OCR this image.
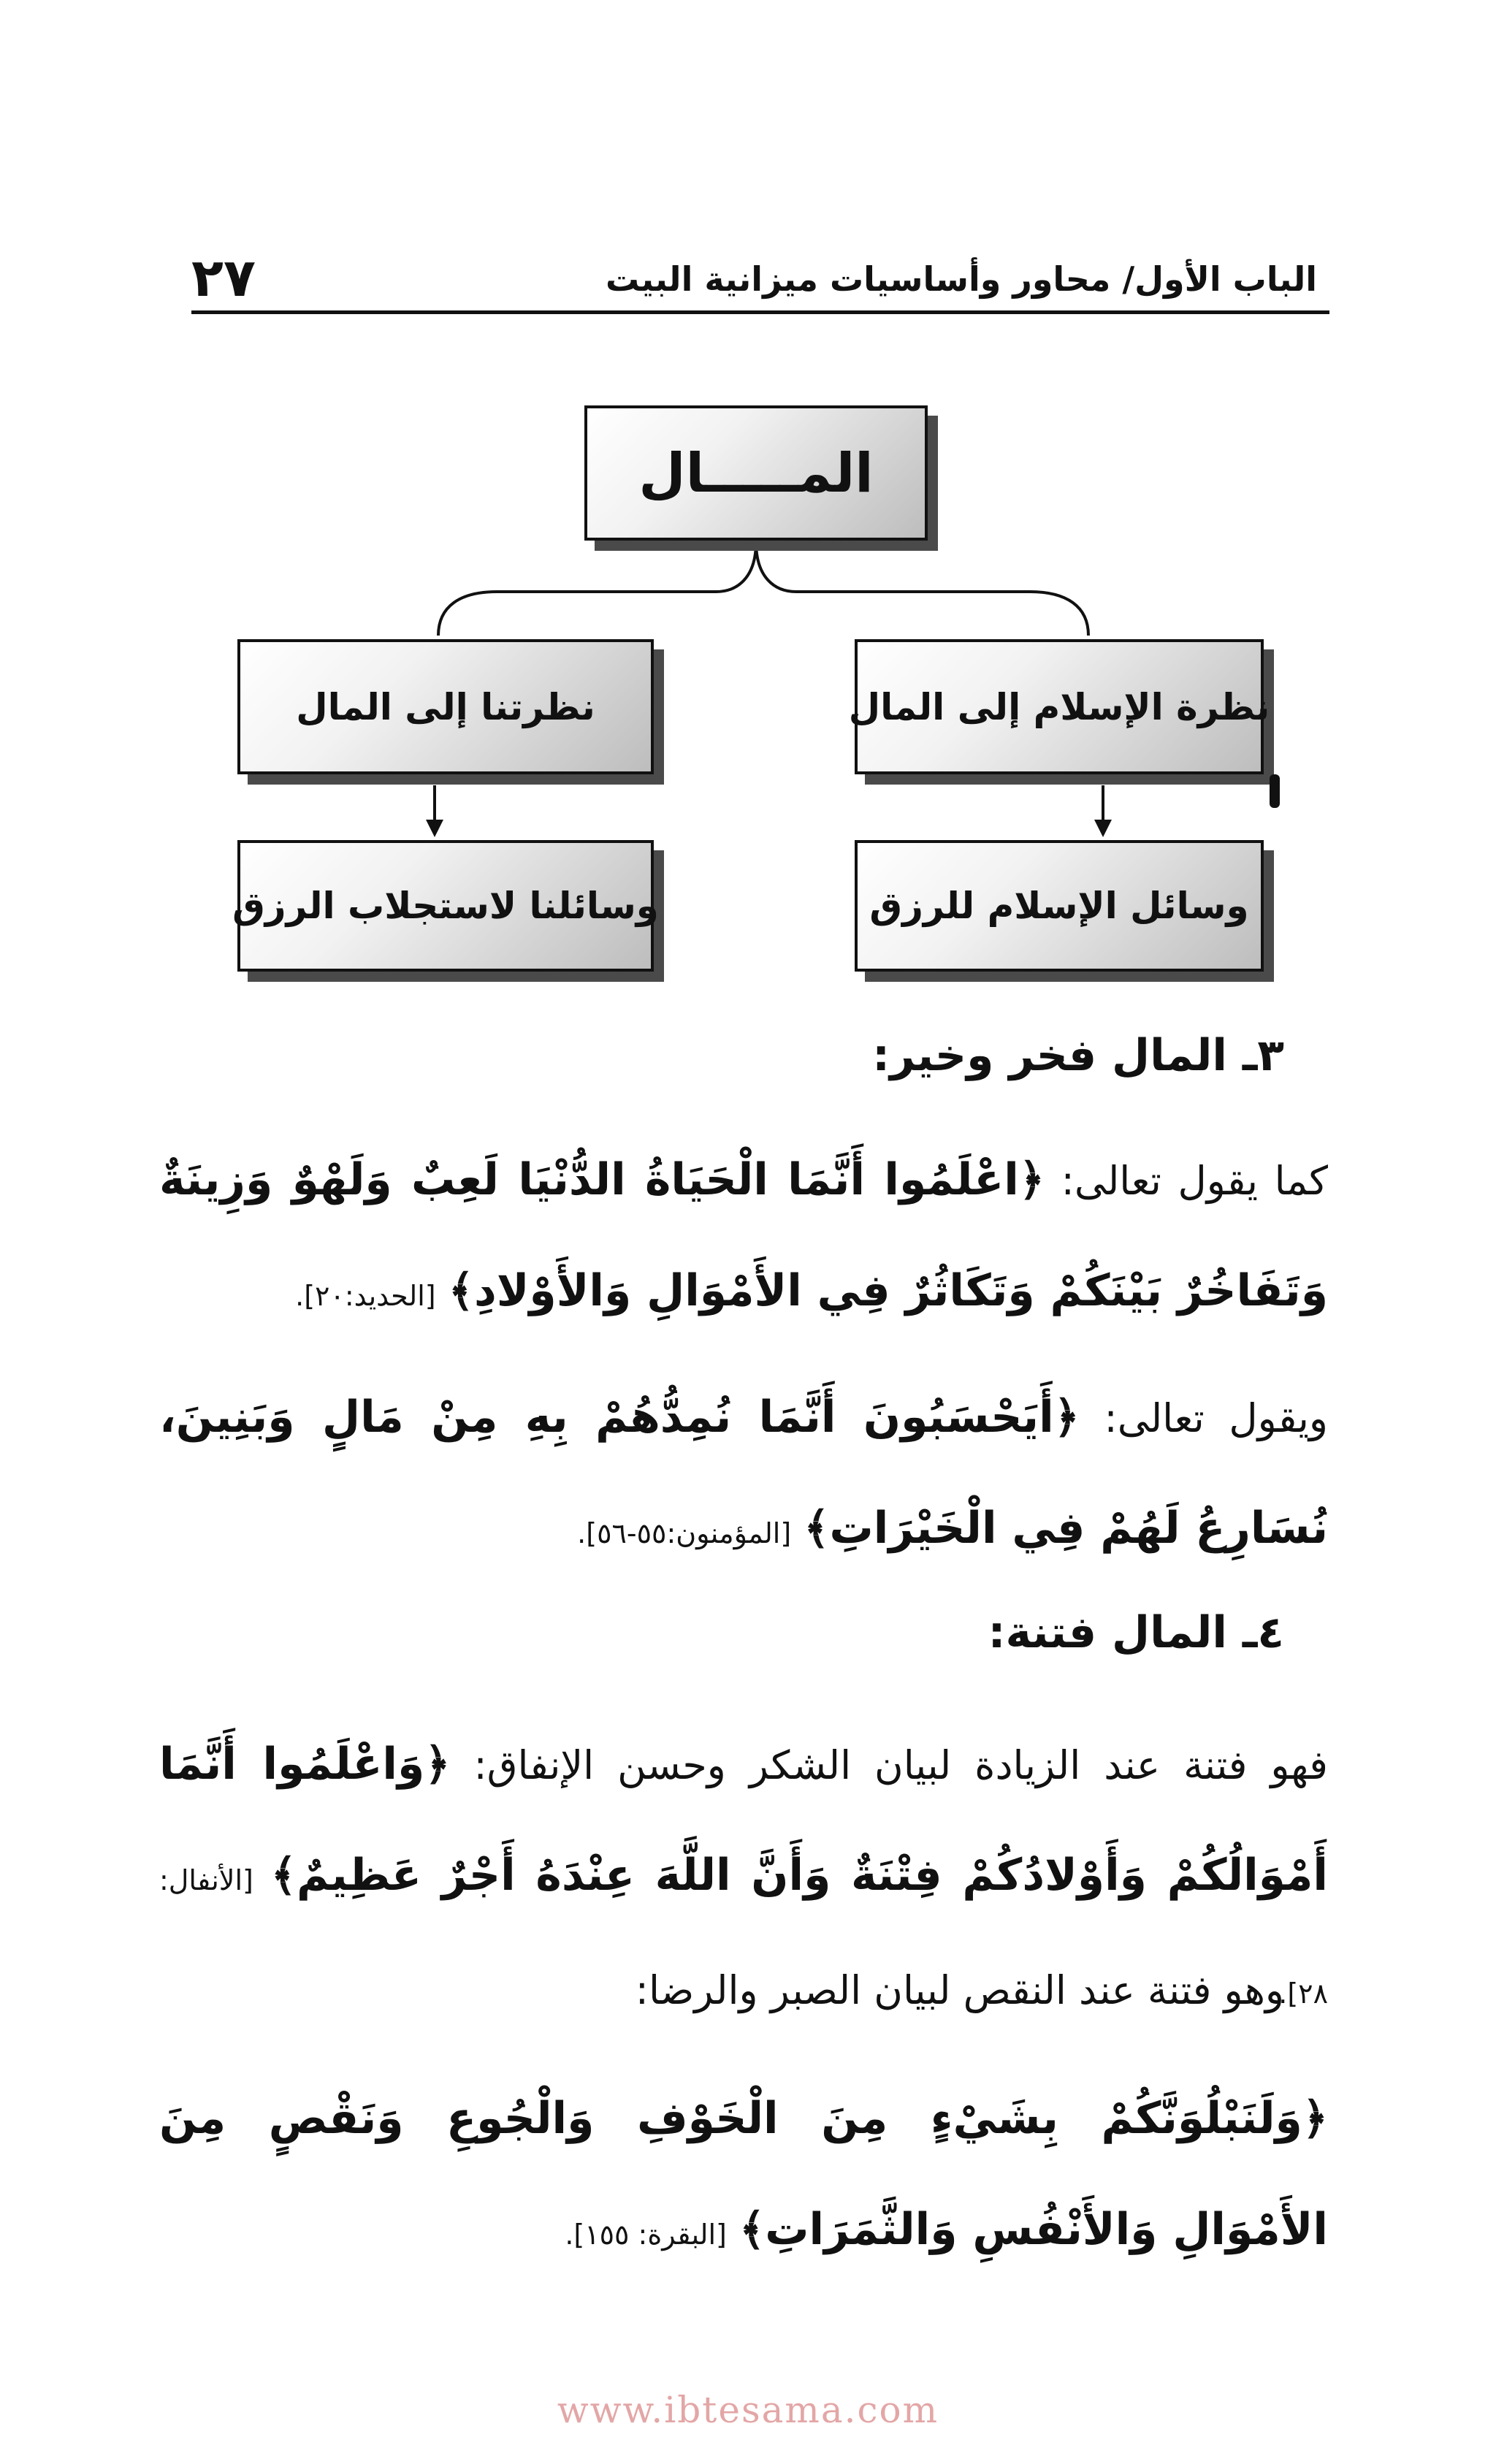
الباب الأول/ محاور وأساسيات ميزانية البيت
٢٧
المـــــال
نظرة الإسلام إلى المال
نظرتنا إلى المال
وسائل الإسلام للرزق
وسائلنا لاستجلاب الرزق
٣ـ المال فخر وخير:
كما يقول تعالى: ﴿اعْلَمُوا أَنَّمَا الْحَيَاةُ الدُّنْيَا لَعِبٌ وَلَهْوٌ وَزِينَةٌ وَتَفَاخُرٌ بَيْنَكُمْ وَتَكَاثُرٌ فِي الأَمْوَالِ وَالأَوْلادِ﴾ [الحديد:٢٠].
ويقول تعالى: ﴿أَيَحْسَبُونَ أَنَّمَا نُمِدُّهُمْ بِهِ مِنْ مَالٍ وَبَنِينَ، نُسَارِعُ لَهُمْ فِي الْخَيْرَاتِ﴾ [المؤمنون:٥٥-٥٦].
٤ـ المال فتنة:
فهو فتنة عند الزيادة لبيان الشكر وحسن الإنفاق: ﴿وَاعْلَمُوا أَنَّمَا أَمْوَالُكُمْ وَأَوْلادُكُمْ فِتْنَةٌ وَأَنَّ اللَّهَ عِنْدَهُ أَجْرٌ عَظِيمٌ﴾ [الأنفال: ٢٨].
وهو فتنة عند النقص لبيان الصبر والرضا:
﴿وَلَنَبْلُوَنَّكُمْ بِشَيْءٍ مِنَ الْخَوْفِ وَالْجُوعِ وَنَقْصٍ مِنَ الأَمْوَالِ وَالأَنْفُسِ وَالثَّمَرَاتِ﴾ [البقرة: ١٥٥].
www.ibtesama.com
